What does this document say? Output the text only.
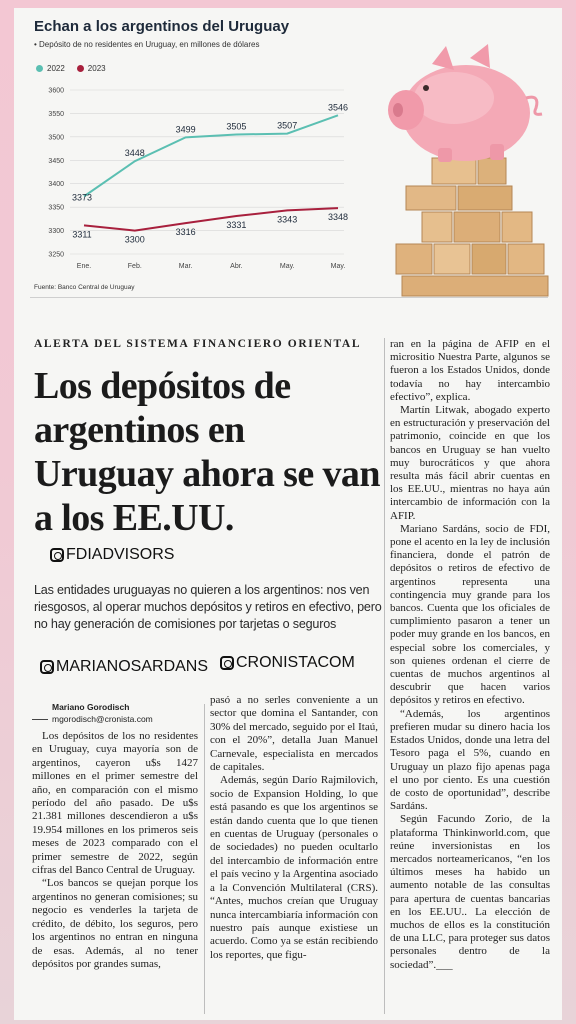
Echan a los argentinos del Uruguay
• Depósito de no residentes en Uruguay, en millones de dólares
2022	2023
3600
3550
3500
3450
3400
3350
3300
3250
Ene.	Feb.	Mar.	Abr.	May.	May.
3373
3448
3499	3505	3507
3546
3311
3300
3316
3331
3343	3348
Fuente: Banco Central de Uruguay
ALERTA DEL SISTEMA FINANCIERO ORIENTAL
Los depósitos de argentinos en Uruguay ahora se van a los EE.UU.
FDIADVISORS
Las entidades uruguayas no quieren a los argentinos: nos ven riesgosos, al operar muchos depósitos y retiros en efectivo, pero no hay generación de comisiones por tarjetas o seguros
MARIANOSARDANS CRONISTACOM
Mariano Gorodisch
mgorodisch@cronista.com

Los depósitos de los no residentes en Uruguay, cuya mayoría son de argentinos, cayeron u$s 1427 millones en el primer semestre del año, en comparación con el mismo período del año pasado. De u$s 21.381 millones descendieron a u$s 19.954 millones en los primeros seis meses de 2023 comparado con el primer semestre de 2022, según cifras del Banco Central de Uruguay.

“Los bancos se quejan porque los argentinos no generan comisiones; su negocio es venderles la tarjeta de crédito, de débito, los seguros, pero los argentinos no entran en ninguna de esas. Además, al no tener depósitos por grandes sumas,

pasó a no serles conveniente a un sector que domina el Santander, con 30% del mercado, seguido por el Itaú, con el 20%”, detalla Juan Manuel Carnevale, especialista en mercados de capitales.

Además, según Darío Rajmilovich, socio de Expansion Holding, lo que está pasando es que los argentinos se están dando cuenta que lo que tienen en cuentas de Uruguay (personales o de sociedades) no pueden ocultarlo del intercambio de información entre el país vecino y la Argentina asociado a la Convención Multilateral (CRS). “Antes, muchos creían que Uruguay nunca intercambiaría información con nuestro país aunque existiese un acuerdo. Como ya se están recibiendo los reportes, que figu-

ran en la página de AFIP en el micrositio Nuestra Parte, algunos se fueron a los Estados Unidos, donde todavía no hay intercambio efectivo”, explica.

Martín Litwak, abogado experto en estructuración y preservación del patrimonio, coincide en que los bancos en Uruguay se han vuelto muy burocráticos y que ahora resulta más fácil abrir cuentas en los EE.UU., mientras no haya aún intercambio de información con la AFIP.

Mariano Sardáns, socio de FDI, pone el acento en la ley de inclusión financiera, donde el patrón de depósitos o retiros de efectivo de argentinos representa una contingencia muy grande para los bancos. Cuenta que los oficiales de cumplimiento pasaron a tener un poder muy grande en los bancos, en especial sobre los comerciales, y son quienes ordenan el cierre de cuentas de muchos argentinos al descubrir que hacen varios depósitos y retiros en efectivo.

“Además, los argentinos prefieren mudar su dinero hacia los Estados Unidos, donde una letra del Tesoro paga el 5%, cuando en Uruguay un plazo fijo apenas paga el uno por ciento. Es una cuestión de costo de oportunidad”, describe Sardáns.

Según Facundo Zorio, de la plataforma Thinkinworld.com, que reúne inversionistas en los mercados norteamericanos, “en los últimos meses ha habido un aumento notable de las consultas para apertura de cuentas bancarias en los EE.UU.. La elección de muchos de ellos es la constitución de una LLC, para proteger sus datos personales dentro de la sociedad”.___
